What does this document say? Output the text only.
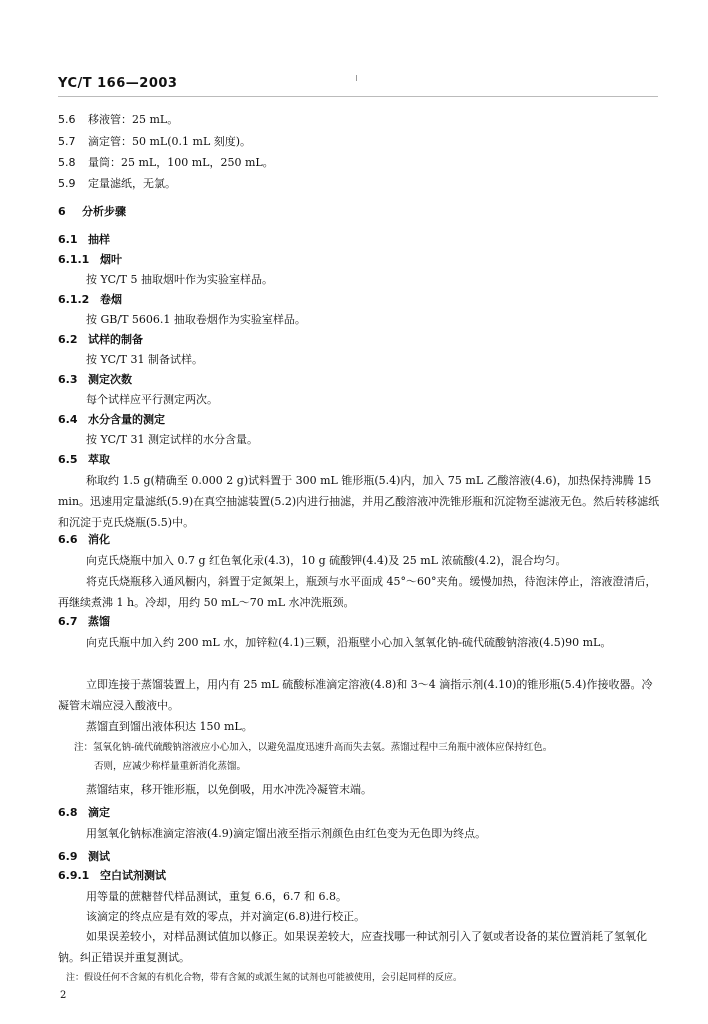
YC/T 166—2003
5.6 移液管：25 mL。
5.7 滴定管：50 mL(0.1 mL 刻度)。
5.8 量筒：25 mL，100 mL，250 mL。
5.9 定量滤纸，无氯。
6 分析步骤
6.1 抽样
6.1.1 烟叶
按 YC/T 5 抽取烟叶作为实验室样品。
6.1.2 卷烟
按 GB/T 5606.1 抽取卷烟作为实验室样品。
6.2 试样的制备
按 YC/T 31 制备试样。
6.3 测定次数
每个试样应平行测定两次。
6.4 水分含量的测定
按 YC/T 31 测定试样的水分含量。
6.5 萃取
称取约 1.5 g(精确至 0.000 2 g)试料置于 300 mL 锥形瓶(5.4)内，加入 75 mL 乙酸溶液(4.6)，加热保持沸腾 15 min。迅速用定量滤纸(5.9)在真空抽滤装置(5.2)内进行抽滤，并用乙酸溶液冲洗锥形瓶和沉淀物至滤液无色。然后转移滤纸和沉淀于克氏烧瓶(5.5)中。
6.6 消化
向克氏烧瓶中加入 0.7 g 红色氧化汞(4.3)，10 g 硫酸钾(4.4)及 25 mL 浓硫酸(4.2)，混合均匀。
将克氏烧瓶移入通风橱内，斜置于定氮架上，瓶颈与水平面成 45°～60°夹角。缓慢加热，待泡沫停止，溶液澄清后，再继续煮沸 1 h。冷却，用约 50 mL～70 mL 水冲洗瓶颈。
6.7 蒸馏
向克氏瓶中加入约 200 mL 水，加锌粒(4.1)三颗，沿瓶壁小心加入氢氧化钠-硫代硫酸钠溶液(4.5)90 mL。
立即连接于蒸馏装置上，用内有 25 mL 硫酸标准滴定溶液(4.8)和 3～4 滴指示剂(4.10)的锥形瓶(5.4)作接收器。冷凝管末端应浸入酸液中。
蒸馏直到馏出液体积达 150 mL。
注：氢氧化钠-硫代硫酸钠溶液应小心加入，以避免温度迅速升高而失去氨。蒸馏过程中三角瓶中液体应保持红色。
否则，应减少称样量重新消化蒸馏。
蒸馏结束，移开锥形瓶，以免倒吸，用水冲洗冷凝管末端。
6.8 滴定
用氢氧化钠标准滴定溶液(4.9)滴定馏出液至指示剂颜色由红色变为无色即为终点。
6.9 测试
6.9.1 空白试剂测试
用等量的蔗糖替代样品测试，重复 6.6，6.7 和 6.8。
该滴定的终点应是有效的零点，并对滴定(6.8)进行校正。
如果误差较小，对样品测试值加以修正。如果误差较大，应查找哪一种试剂引入了氨或者设备的某位置消耗了氢氧化钠。纠正错误并重复测试。
注：假设任何不含氮的有机化合物，带有含氮的或派生氮的试剂也可能被使用，会引起同样的反应。
2
